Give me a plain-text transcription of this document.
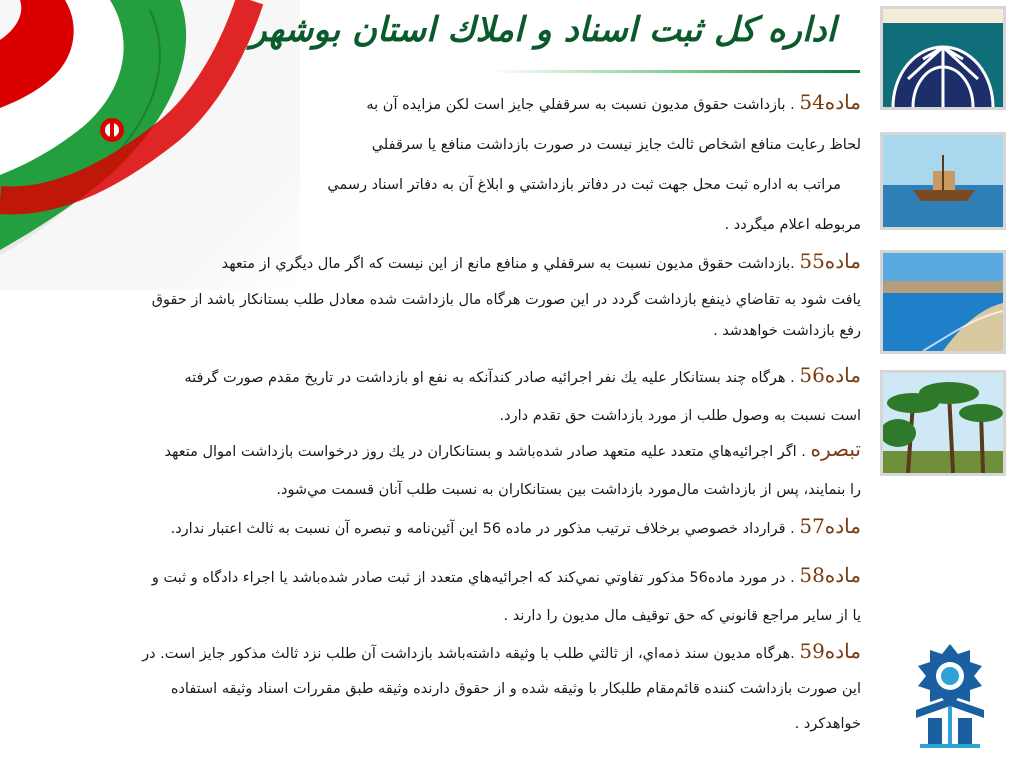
اداره كل ثبت اسناد و املاك استان بوشهر
ماده54 . بازداشت حقوق مديون نسبت به سرقفلي جايز است لكن مزايده آن به
لحاظ رعايت منافع اشخاص ثالث جايز نيست در صورت بازداشت منافع يا سرقفلي
مراتب به اداره ثبت محل جهت ثبت در دفاتر بازداشتي و ابلاغ آن به دفاتر اسناد رسمي
مربوطه اعلام ميگردد .
ماده55 .بازداشت حقوق مديون نسبت به سرقفلي و منافع مانع از اين نيست كه اگر مال ديگري از متعهد
يافت شود به تقاضاي ذينفع بازداشت گردد در اين صورت هرگاه مال بازداشت شده معادل طلب بستانكار باشد از حقوق
رفع بازداشت خواهدشد .
ماده56 . هرگاه چند بستانكار عليه يك نفر اجرائيه صادر كندآنكه به نفع او بازداشت در تاريخ مقدم صورت گرفته
است نسبت به وصول طلب از مورد بازداشت حق تقدم دارد.
تبصره . اگر اجرائيه‌هاي متعدد عليه متعهد صادر شده‌باشد و بستانكاران در يك روز درخواست بازداشت اموال متعهد
را بنمايند، پس از بازداشت مال‌مورد بازداشت بين بستانكاران به نسبت طلب آنان قسمت مي‌شود.
ماده57 . قرارداد خصوصي برخلاف ترتيب مذكور در ماده 56 اين آئين‌نامه و تبصره آن نسبت به ثالث اعتبار ندارد.
ماده58 . در مورد ماده56 مذكور تفاوتي نمي‌كند كه اجرائيه‌هاي متعدد از ثبت صادر شده‌باشد يا اجراء دادگاه و ثبت و
يا از ساير مراجع قانوني كه حق توقيف مال مديون را دارند .
ماده59 .هرگاه مديون سند ذمه‌اي، از ثالثي طلب با وثيقه داشته‌باشد بازداشت آن طلب نزد ثالث مذكور جايز است. در
اين صورت بازداشت كننده قائم‌مقام طلبكار با وثيقه شده و از حقوق دارنده وثيقه طبق مقررات اسناد وثيقه استفاده
خواهدكرد .
